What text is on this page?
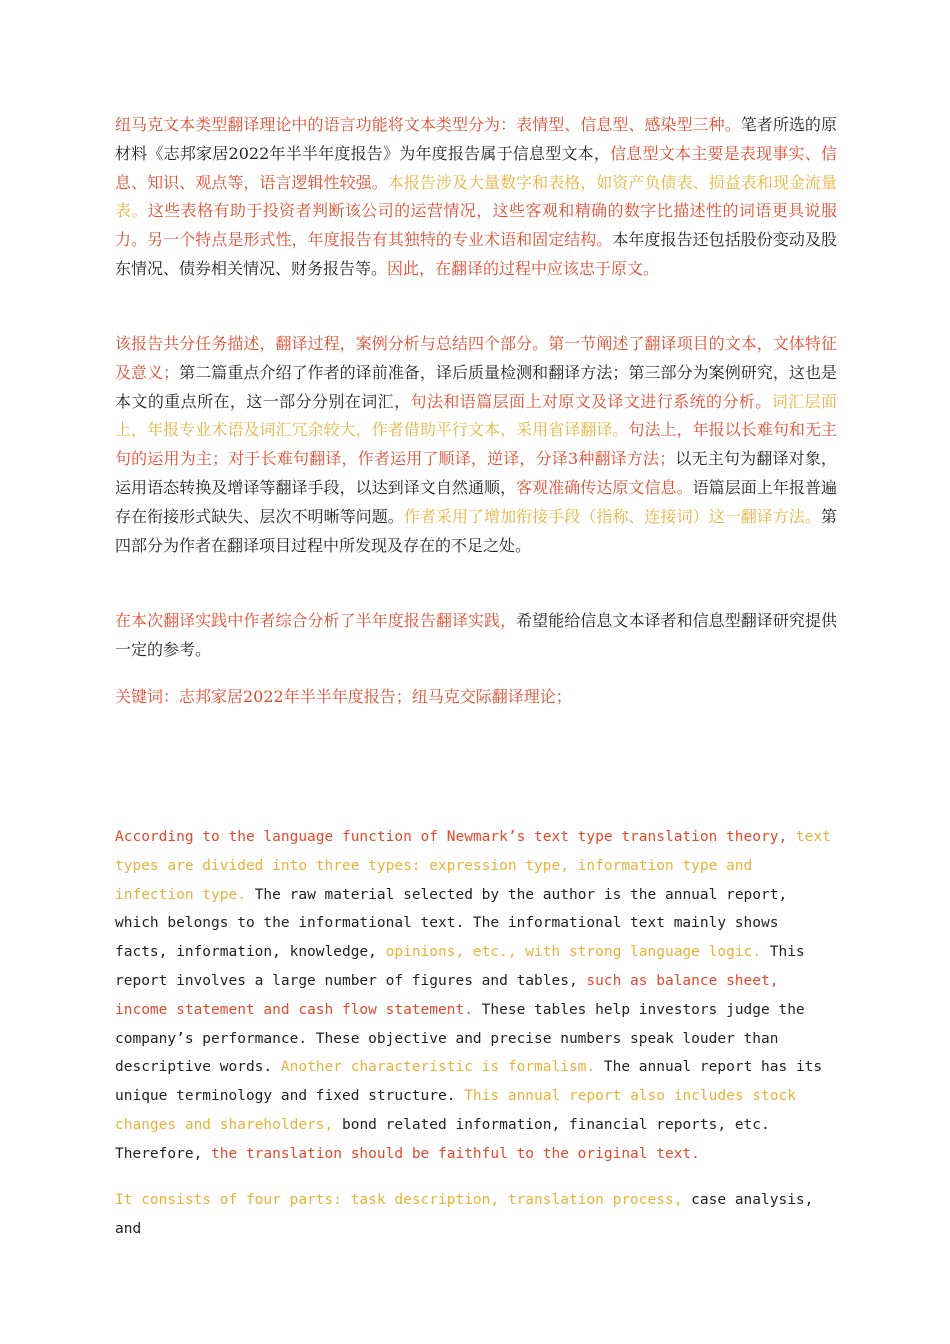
纽马克文本类型翻译理论中的语言功能将文本类型分为：表情型、信息型、感染型三种。笔者所选的原材料《志邦家居2022年半半年度报告》为年度报告属于信息型文本，信息型文本主要是表现事实、信息、知识、观点等，语言逻辑性较强。本报告涉及大量数字和表格，如资产负债表、损益表和现金流量表。这些表格有助于投资者判断该公司的运营情况，这些客观和精确的数字比描述性的词语更具说服力。另一个特点是形式性，年度报告有其独特的专业术语和固定结构。本年度报告还包括股份变动及股东情况、债券相关情况、财务报告等。因此，在翻译的过程中应该忠于原文。

该报告共分任务描述，翻译过程，案例分析与总结四个部分。第一节阐述了翻译项目的文本，文体特征及意义；第二篇重点介绍了作者的译前准备，译后质量检测和翻译方法；第三部分为案例研究，这也是本文的重点所在，这一部分分别在词汇，句法和语篇层面上对原文及译文进行系统的分析。词汇层面上，年报专业术语及词汇冗余较大，作者借助平行文本，采用省译翻译。句法上，年报以长难句和无主句的运用为主；对于长难句翻译，作者运用了顺译，逆译，分译3种翻译方法；以无主句为翻译对象，运用语态转换及增译等翻译手段，以达到译文自然通顺，客观准确传达原文信息。语篇层面上年报普遍存在衔接形式缺失、层次不明晰等问题。作者采用了增加衔接手段（指称、连接词）这一翻译方法。第四部分为作者在翻译项目过程中所发现及存在的不足之处。

在本次翻译实践中作者综合分析了半年度报告翻译实践，希望能给信息文本译者和信息型翻译研究提供一定的参考。

关键词：志邦家居2022年半半年度报告；纽马克交际翻译理论；

According to the language function of Newmark’s text type translation theory, text types are divided into three types: expression type, information type and infection type. The raw material selected by the author is the annual report, which belongs to the informational text. The informational text mainly shows facts, information, knowledge, opinions, etc., with strong language logic. This report involves a large number of figures and tables, such as balance sheet, income statement and cash flow statement. These tables help investors judge the company’s performance. These objective and precise numbers speak louder than descriptive words. Another characteristic is formalism. The annual report has its unique terminology and fixed structure. This annual report also includes stock changes and shareholders, bond related information, financial reports, etc. Therefore, the translation should be faithful to the original text.

It consists of four parts: task description, translation process, case analysis, and
